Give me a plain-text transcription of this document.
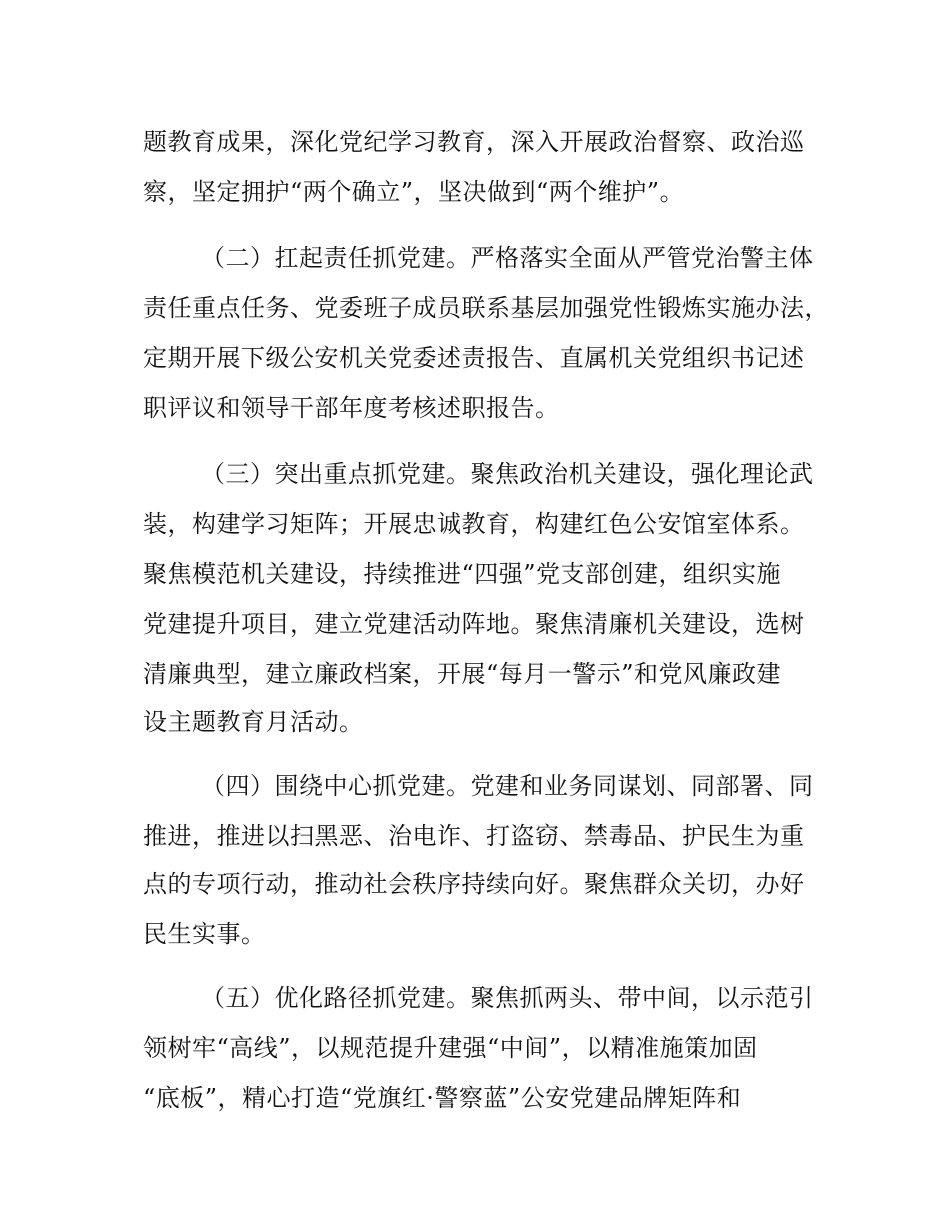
题教育成果，深化党纪学习教育，深入开展政治督察、政治巡
察，坚定拥护“两个确立”，坚决做到“两个维护”。
（二）扛起责任抓党建。严格落实全面从严管党治警主体
责任重点任务、党委班子成员联系基层加强党性锻炼实施办法，
定期开展下级公安机关党委述责报告、直属机关党组织书记述
职评议和领导干部年度考核述职报告。
（三）突出重点抓党建。聚焦政治机关建设，强化理论武
装，构建学习矩阵；开展忠诚教育，构建红色公安馆室体系。
聚焦模范机关建设，持续推进“四强”党支部创建，组织实施
党建提升项目，建立党建活动阵地。聚焦清廉机关建设，选树
清廉典型，建立廉政档案，开展“每月一警示”和党风廉政建
设主题教育月活动。
（四）围绕中心抓党建。党建和业务同谋划、同部署、同
推进，推进以扫黑恶、治电诈、打盗窃、禁毒品、护民生为重
点的专项行动，推动社会秩序持续向好。聚焦群众关切，办好
民生实事。
（五）优化路径抓党建。聚焦抓两头、带中间，以示范引
领树牢“高线”，以规范提升建强“中间”，以精准施策加固
“底板”，精心打造“党旗红·警察蓝”公安党建品牌矩阵和
